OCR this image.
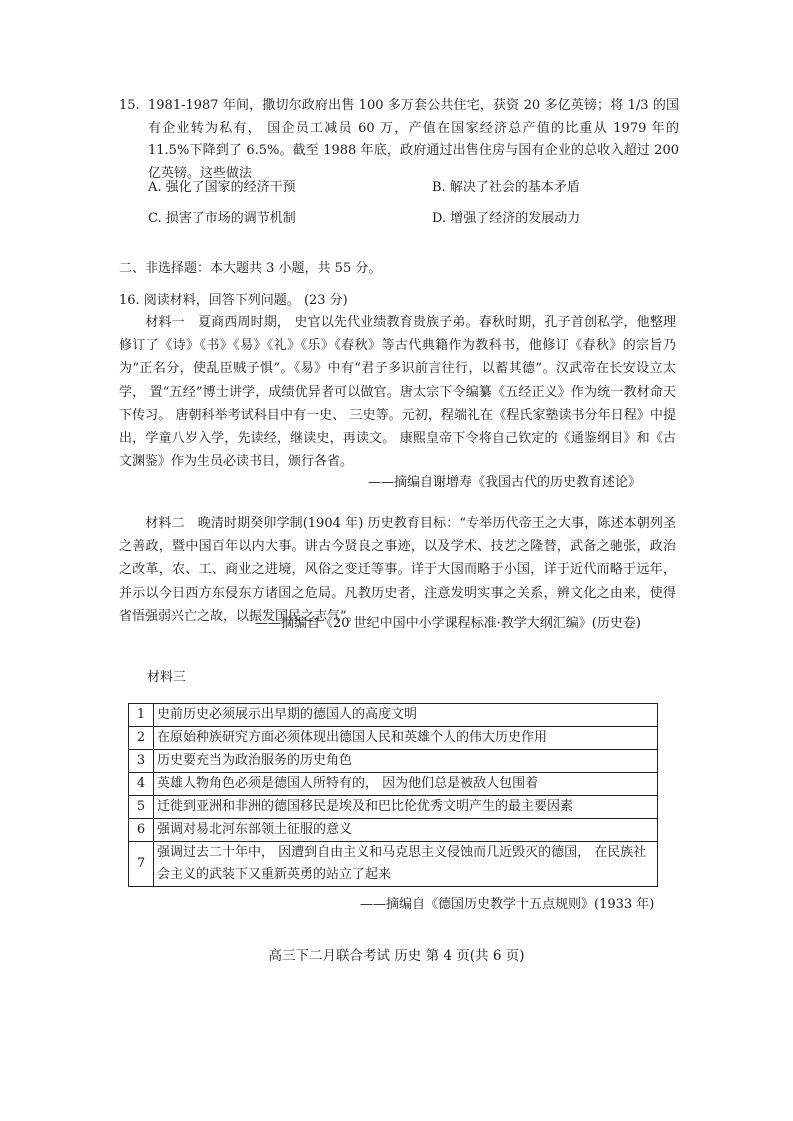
15. 1981-1987 年间，撒切尔政府出售 100 多万套公共住宅，获资 20 多亿英镑；将 1/3 的国有企业转为私有， 国企员工减员 60 万，产值在国家经济总产值的比重从 1979 年的 11.5%下降到了 6.5%。截至 1988 年底，政府通过出售住房与国有企业的总收入超过 200 亿英镑。这些做法
A. 强化了国家的经济干预	B. 解决了社会的基本矛盾
C. 损害了市场的调节机制	D. 增强了经济的发展动力
二、非选择题：本大题共 3 小题，共 55 分。
16. 阅读材料，回答下列问题。 (23 分)
　　材料一　夏商西周时期， 史官以先代业绩教育贵族子弟。春秋时期，孔子首创私学，他整理修订了《诗》《书》《易》《礼》《乐》《春秋》等古代典籍作为教科书，他修订《春秋》的宗旨乃为“正名分，使乱臣贼子惧”。《易》中有“君子多识前言往行，以蓄其德”。汉武帝在长安设立太学， 置“五经”博士讲学，成绩优异者可以做官。唐太宗下令编纂《五经正义》作为统一教材命天下传习。 唐朝科举考试科目中有一史、 三史等。元初，程端礼在《程氏家塾读书分年日程》中提出，学童八岁入学，先读经，继读史，再读文。 康熙皇帝下令将自己钦定的《通鉴纲目》和《古文渊鉴》作为生员必读书目，颁行各省。
——摘编自谢增寿《我国古代的历史教育述论》
　　材料二　晚清时期癸卯学制(1904 年) 历史教育目标：“专举历代帝王之大事，陈述本朝列圣之善政，暨中国百年以内大事。讲古今贤良之事迹，以及学术、技艺之隆替，武备之驰张，政治之改革，农、工、商业之进境，风俗之变迁等事。详于大国而略于小国，详于近代而略于远年，并示以今日西方东侵东方诸国之危局。凡教历史者，注意发明实事之关系，辨文化之由来，使得省悟强弱兴亡之故，以振发国民之志气”。
——摘编自《20 世纪中国中小学课程标准·教学大纲汇编》(历史卷)
材料三
1	史前历史必须展示出早期的德国人的高度文明
2	在原始种族研究方面必须体现出德国人民和英雄个人的伟大历史作用
3	历史要充当为政治服务的历史角色
4	英雄人物角色必须是德国人所特有的， 因为他们总是被敌人包围着
5	迁徙到亚洲和非洲的德国移民是埃及和巴比伦优秀文明产生的最主要因素
6	强调对易北河东部领土征服的意义
7	强调过去二十年中， 因遭到自由主义和马克思主义侵蚀而几近毁灭的德国， 在民族社会主义的武装下又重新英勇的站立了起来
——摘编自《德国历史教学十五点规则》(1933 年)
高三下二月联合考试 历史 第 4 页(共 6 页)
